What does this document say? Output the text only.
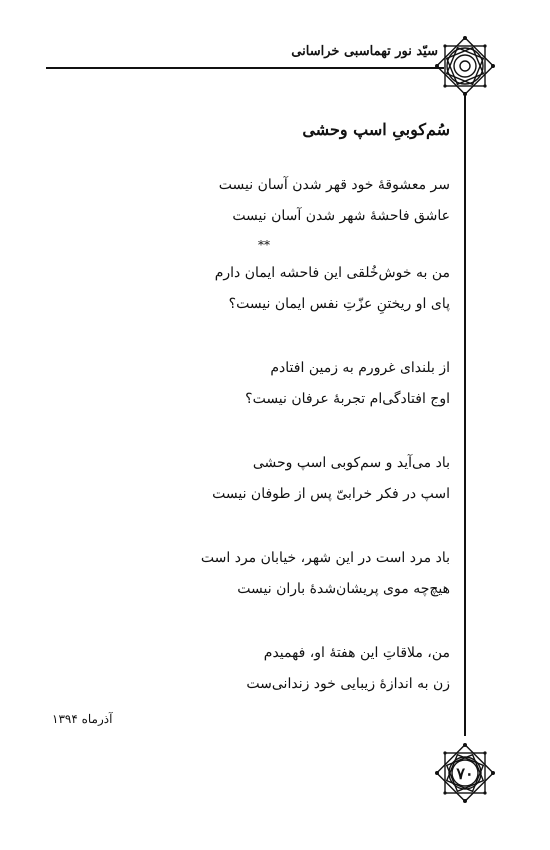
سیّد نور تهماسبی خراسانی
سُم‌کوبیِ اسپ وحشی
سر معشوقهٔ خود قهر شدن آسان نیست
عاشق فاحشهٔ شهر شدن آسان نیست
**
من به خوش‌خُلقی این فاحشه ایمان دارم
پای او ریختنِ عزّتِ نفس ایمان نیست؟
از بلندای غرورم به زمین افتادم
اوج افتادگی‌ام تجربهٔ عرفان نیست؟
باد می‌آید و سم‌کوبی اسپ وحشی
اسپ در فکر خرابیّ پس از طوفان نیست
باد مرد است در این شهر، خیابان مرد است
هیچ‌چه موی پریشان‌شدهٔ باران نیست
من، ملاقاتِ این هفتهٔ او، فهمیدم
زن به اندازهٔ زیبایی خود زندانی‌ست
آذرماه ۱۳۹۴
۷۰
